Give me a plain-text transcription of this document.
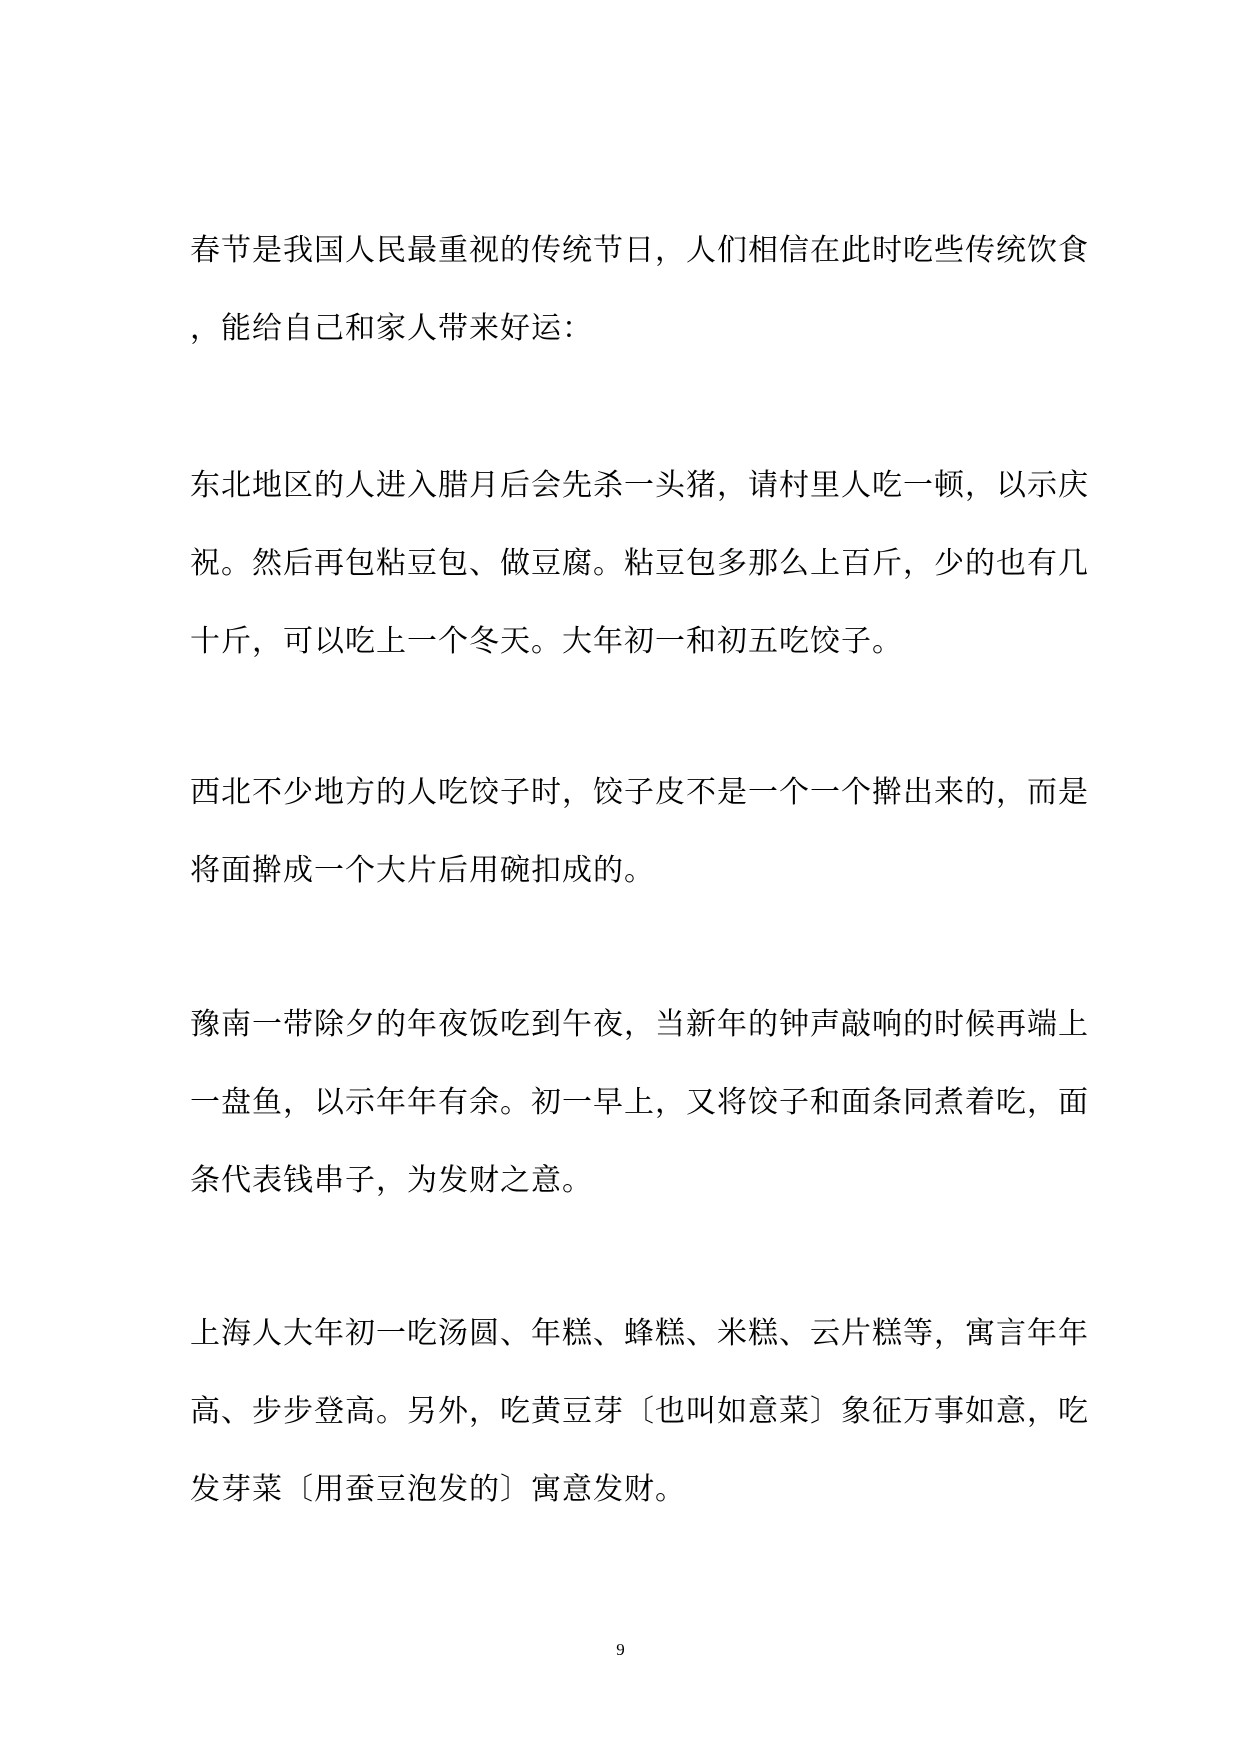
春节是我国人民最重视的传统节日，人们相信在此时吃些传统饮食
，能给自己和家人带来好运：
东北地区的人进入腊月后会先杀一头猪，请村里人吃一顿，以示庆
祝。然后再包粘豆包、做豆腐。粘豆包多那么上百斤，少的也有几
十斤，可以吃上一个冬天。大年初一和初五吃饺子。
西北不少地方的人吃饺子时，饺子皮不是一个一个擀出来的，而是
将面擀成一个大片后用碗扣成的。
豫南一带除夕的年夜饭吃到午夜，当新年的钟声敲响的时候再端上
一盘鱼，以示年年有余。初一早上，又将饺子和面条同煮着吃，面
条代表钱串子，为发财之意。
上海人大年初一吃汤圆、年糕、蜂糕、米糕、云片糕等，寓言年年
高、步步登高。另外，吃黄豆芽〔也叫如意菜〕象征万事如意，吃
发芽菜〔用蚕豆泡发的〕寓意发财。
9
